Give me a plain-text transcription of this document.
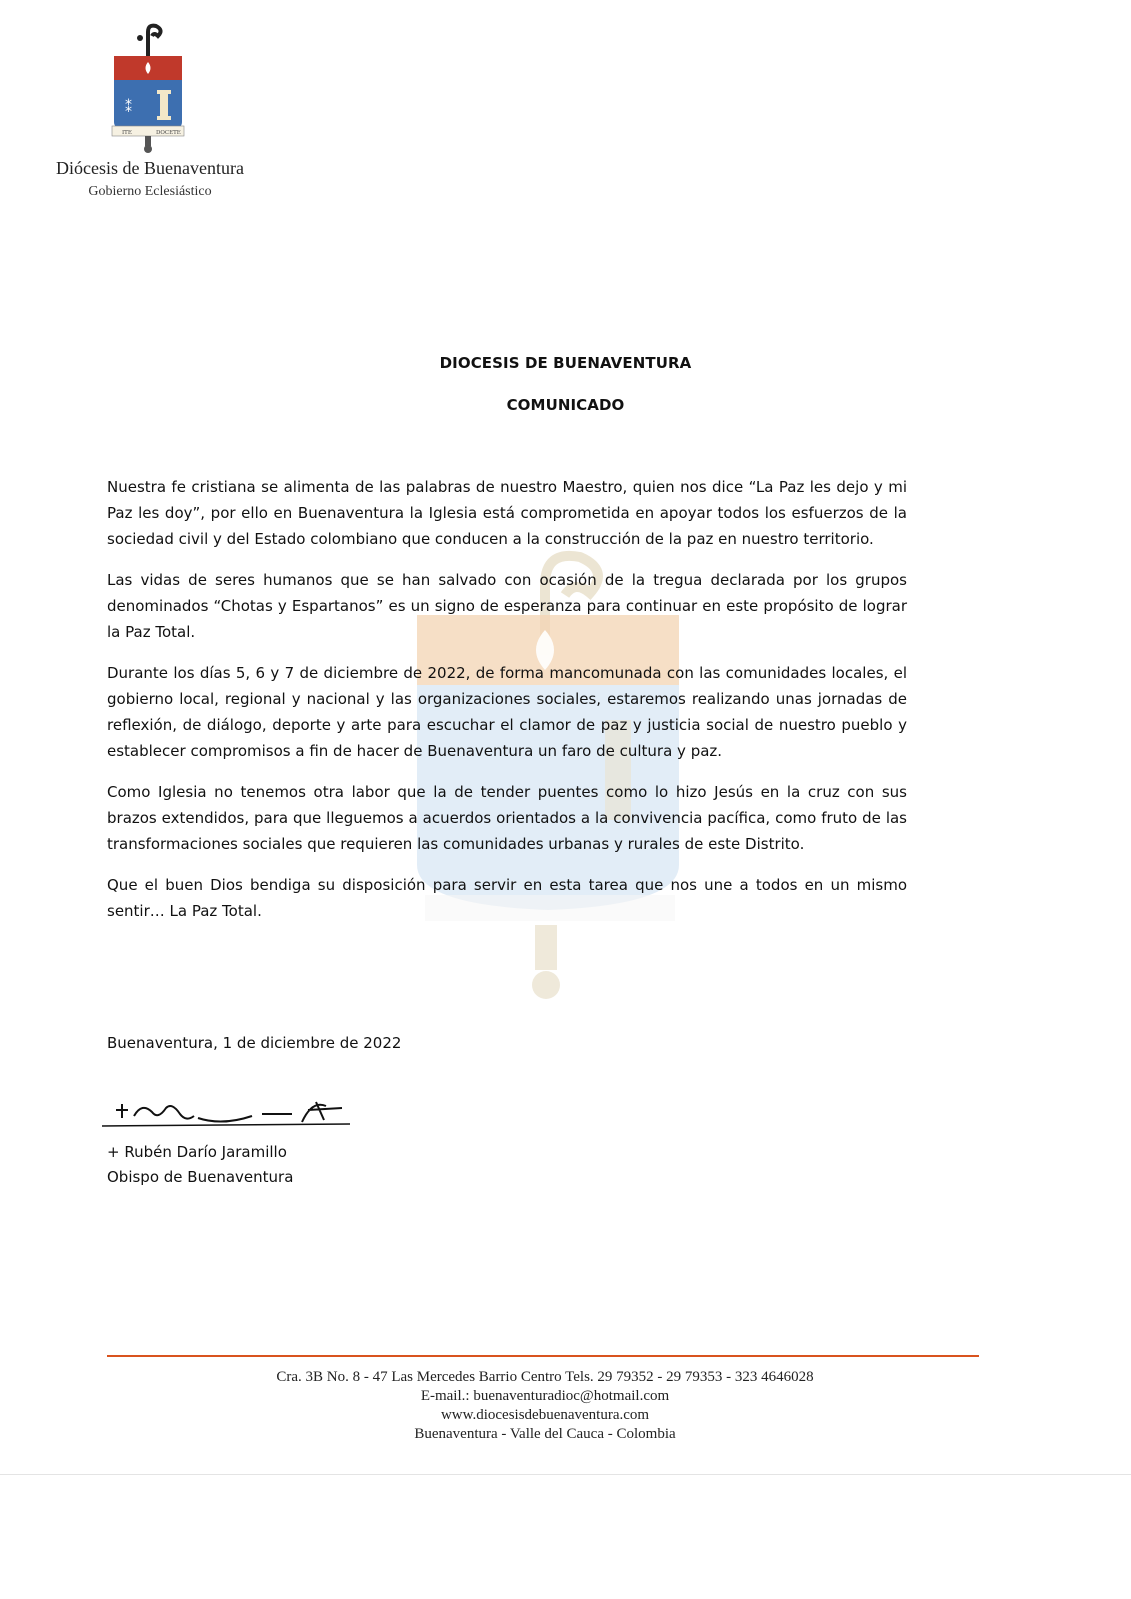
⁑
ITE	DOCETE
Diócesis de Buenaventura
Gobierno Eclesiástico
DIOCESIS DE BUENAVENTURA
COMUNICADO

Nuestra fe cristiana se alimenta de las palabras de nuestro Maestro, quien nos dice “La Paz les dejo y mi Paz les doy”, por ello en Buenaventura la Iglesia está comprometida en apoyar todos los esfuerzos de la sociedad civil y del Estado colombiano que conducen a la construcción de la paz en nuestro territorio.

Las vidas de seres humanos que se han salvado con ocasión de la tregua declarada por los grupos denominados “Chotas y Espartanos” es un signo de esperanza para continuar en este propósito de lograr la Paz Total.

Durante los días 5, 6 y 7 de diciembre de 2022, de forma mancomunada con las comunidades locales, el gobierno local, regional y nacional y las organizaciones sociales, estaremos realizando unas jornadas de reflexión, de diálogo, deporte y arte para escuchar el clamor de paz y justicia social de nuestro pueblo y establecer compromisos a fin de hacer de Buenaventura un faro de cultura y paz.

Como Iglesia no tenemos otra labor que la de tender puentes como lo hizo Jesús en la cruz con sus brazos extendidos, para que lleguemos a acuerdos orientados a la convivencia pacífica, como fruto de las transformaciones sociales que requieren las comunidades urbanas y rurales de este Distrito.

Que el buen Dios bendiga su disposición para servir en esta tarea que nos une a todos en un mismo sentir… La Paz Total.

Buenaventura, 1 de diciembre de 2022
+ Rubén Darío Jaramillo
Obispo de Buenaventura
Cra. 3B No. 8 - 47 Las Mercedes Barrio Centro Tels. 29 79352 - 29 79353 - 323 4646028
E-mail.: buenaventuradioc@hotmail.com
www.diocesisdebuenaventura.com
Buenaventura - Valle del Cauca - Colombia
